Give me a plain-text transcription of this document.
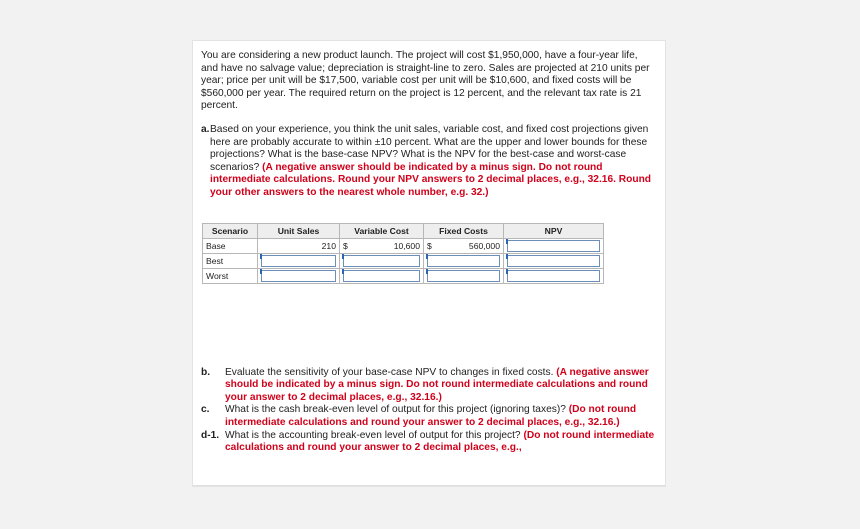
You are considering a new product launch. The project will cost $1,950,000, have a four-year life, and have no salvage value; depreciation is straight-line to zero. Sales are projected at 210 units per year; price per unit will be $17,500, variable cost per unit will be $10,600, and fixed costs will be $560,000 per year. The required return on the project is 12 percent, and the relevant tax rate is 21 percent.
a. Based on your experience, you think the unit sales, variable cost, and fixed cost projections given here are probably accurate to within ±10 percent. What are the upper and lower bounds for these projections? What is the base-case NPV? What is the NPV for the best-case and worst-case scenarios? (A negative answer should be indicated by a minus sign. Do not round intermediate calculations. Round your NPV answers to 2 decimal places, e.g., 32.16. Round your other answers to the nearest whole number, e.g. 32.)
Scenario	Unit Sales	Variable Cost	Fixed Costs	NPV
Base	210	$ 10,600	$ 560,000	

Best	

Worst	

b.	Evaluate the sensitivity of your base-case NPV to changes in fixed costs. (A negative answer should be indicated by a minus sign. Do not round intermediate calculations and round your answer to 2 decimal places, e.g., 32.16.)
c.	What is the cash break-even level of output for this project (ignoring taxes)? (Do not round intermediate calculations and round your answer to 2 decimal places, e.g., 32.16.)
d-1. What is the accounting break-even level of output for this project? (Do not round intermediate calculations and round your answer to 2 decimal places, e.g.,
